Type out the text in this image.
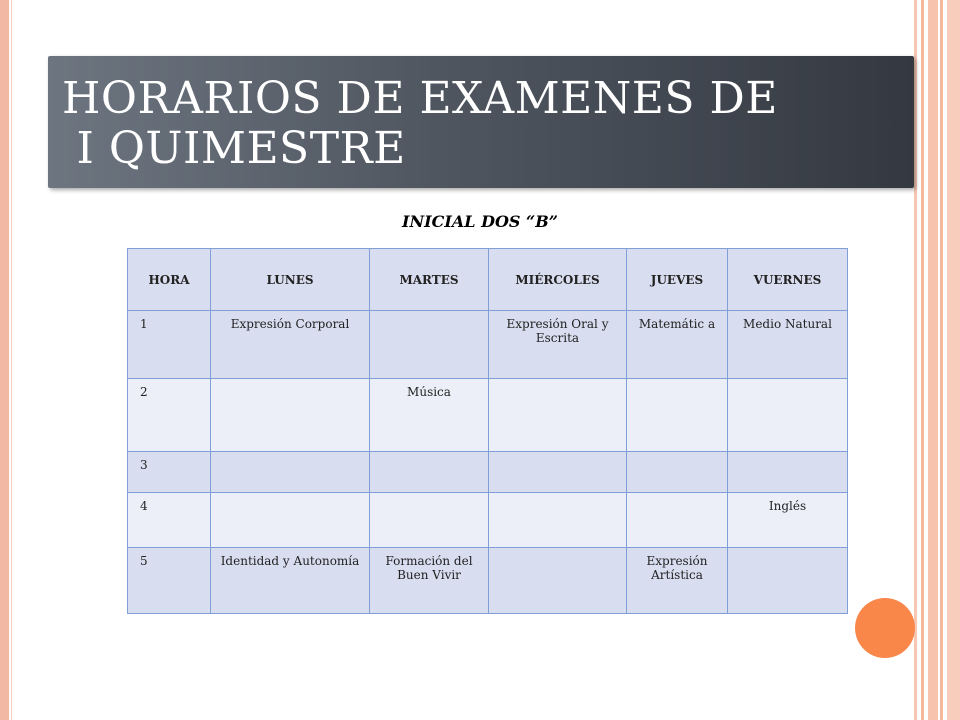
HORARIOS DE EXAMENES DE
I QUIMESTRE
INICIAL DOS “B”
HORA	LUNES	MARTES	MIÉRCOLES	JUEVES	VUERNES
1	Expresión Corporal		Expresión Oral y Escrita	Matemátic a	Medio Natural
2		Música			
3					
4					Inglés
5	Identidad y Autonomía	Formación del Buen Vivir		Expresión Artística	
